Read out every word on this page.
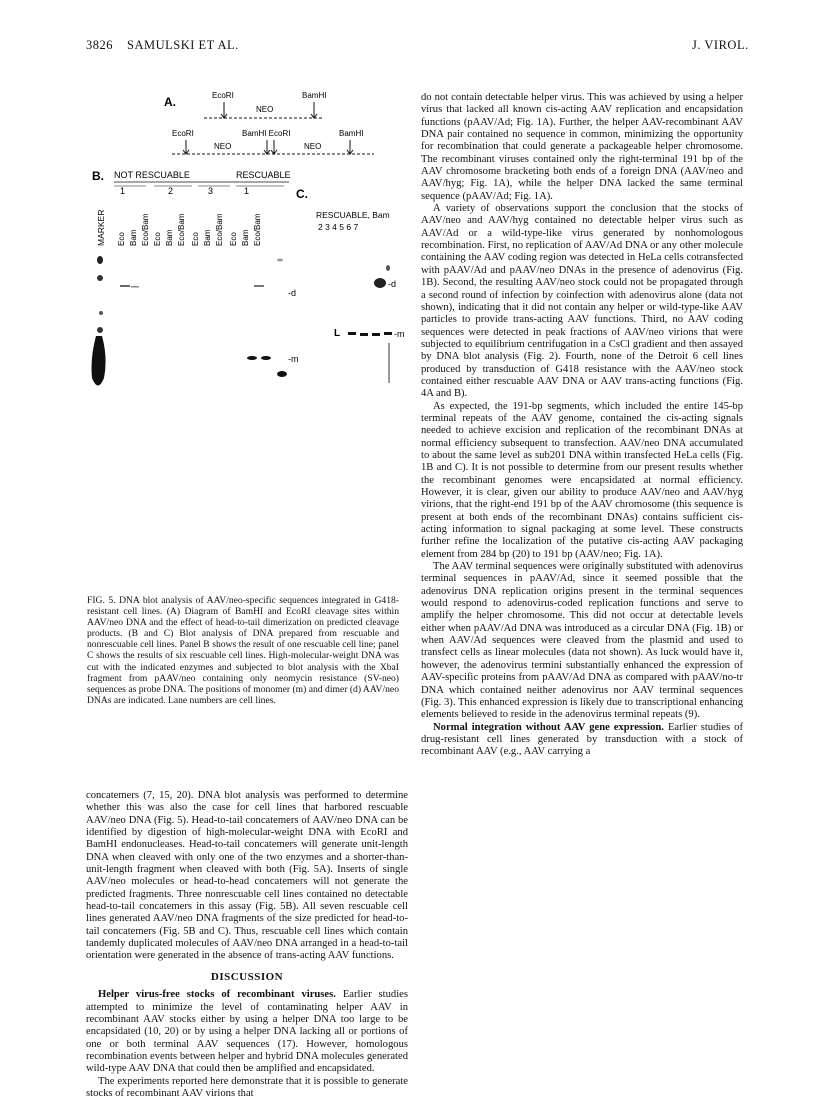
3826 SAMULSKI ET AL.	J. VIROL.
A.	EcoRI	BamHI
NEO
EcoRI	BamHI EcoRI	BamHI
NEO	NEO
B. NOT RESCUABLE	RESCUABLE
1	2	3	1
MARKER Eco Bam Eco/Bam Eco Bam Eco/Bam Eco Bam Eco/Bam Eco Bam Eco/Bam
-d
-m
C.
RESCUABLE, Bam
2 3 4 5 6 7
L
-d
-m
FIG. 5. DNA blot analysis of AAV/neo-specific sequences integrated in G418-resistant cell lines. (A) Diagram of BamHI and EcoRI cleavage sites within AAV/neo DNA and the effect of head-to-tail dimerization on predicted cleavage products. (B and C) Blot analysis of DNA prepared from rescuable and nonrescuable cell lines. Panel B shows the result of one rescuable cell line; panel C shows the results of six rescuable cell lines. High-molecular-weight DNA was cut with the indicated enzymes and subjected to blot analysis with the XbaI fragment from pAAV/neo containing only neomycin resistance (SV-neo) sequences as probe DNA. The positions of monomer (m) and dimer (d) AAV/neo DNAs are indicated. Lane numbers are cell lines.

concatemers (7, 15, 20). DNA blot analysis was performed to determine whether this was also the case for cell lines that harbored rescuable AAV/neo DNA (Fig. 5). Head-to-tail concatemers of AAV/neo DNA can be identified by digestion of high-molecular-weight DNA with EcoRI and BamHI endonucleases. Head-to-tail concatemers will generate unit-length DNA when cleaved with only one of the two enzymes and a shorter-than-unit-length fragment when cleaved with both (Fig. 5A). Inserts of single AAV/neo molecules or head-to-head concatemers will not generate the predicted fragments. Three nonrescuable cell lines contained no detectable head-to-tail concatemers in this assay (Fig. 5B). All seven rescuable cell lines generated AAV/neo DNA fragments of the size predicted for head-to-tail concatemers (Fig. 5B and C). Thus, rescuable cell lines which contain tandemly duplicated molecules of AAV/neo DNA arranged in a head-to-tail orientation were generated in the absence of trans-acting AAV functions.

DISCUSSION

Helper virus-free stocks of recombinant viruses. Earlier studies attempted to minimize the level of contaminating helper AAV in recombinant AAV stocks either by using a helper DNA too large to be encapsidated (10, 20) or by using a helper DNA lacking all or portions of one or both terminal AAV sequences (17). However, homologous recombination events between helper and hybrid DNA molecules generated wild-type AAV DNA that could then be amplified and encapsidated.

The experiments reported here demonstrate that it is possible to generate stocks of recombinant AAV virions that

do not contain detectable helper virus. This was achieved by using a helper virus that lacked all known cis-acting AAV replication and encapsidation functions (pAAV/Ad; Fig. 1A). Further, the helper AAV-recombinant AAV DNA pair contained no sequence in common, minimizing the opportunity for recombination that could generate a packageable helper chromosome. The recombinant viruses contained only the right-terminal 191 bp of the AAV chromosome bracketing both ends of a foreign DNA (AAV/neo and AAV/hyg; Fig. 1A), while the helper DNA lacked the same terminal sequence (pAAV/Ad; Fig. 1A).

A variety of observations support the conclusion that the stocks of AAV/neo and AAV/hyg contained no detectable helper virus such as AAV/Ad or a wild-type-like virus generated by nonhomologous recombination. First, no replication of AAV/Ad DNA or any other molecule containing the AAV coding region was detected in HeLa cells cotransfected with pAAV/Ad and pAAV/neo DNAs in the presence of adenovirus (Fig. 1B). Second, the resulting AAV/neo stock could not be propagated through a second round of infection by coinfection with adenovirus alone (data not shown), indicating that it did not contain any helper or wild-type-like AAV particles to provide trans-acting AAV functions. Third, no AAV coding sequences were detected in peak fractions of AAV/neo virions that were subjected to equilibrium centrifugation in a CsCl gradient and then assayed by DNA blot analysis (Fig. 2). Fourth, none of the Detroit 6 cell lines produced by transduction of G418 resistance with the AAV/neo stock contained either rescuable AAV DNA or AAV trans-acting functions (Fig. 4A and B).

As expected, the 191-bp segments, which included the entire 145-bp terminal repeats of the AAV genome, contained the cis-acting signals needed to achieve excision and replication of the recombinant DNAs at normal efficiency subsequent to transfection. AAV/neo DNA accumulated to about the same level as sub201 DNA within transfected HeLa cells (Fig. 1B and C). It is not possible to determine from our present results whether the recombinant genomes were encapsidated at normal efficiency. However, it is clear, given our ability to produce AAV/neo and AAV/hyg virions, that the right-end 191 bp of the AAV chromosome (this sequence is present at both ends of the recombinant DNAs) contains sufficient cis-acting information to signal packaging at some level. These constructs further refine the localization of the putative cis-acting AAV packaging element from 284 bp (20) to 191 bp (AAV/neo; Fig. 1A).

The AAV terminal sequences were originally substituted with adenovirus terminal sequences in pAAV/Ad, since it seemed possible that the adenovirus DNA replication origins present in the terminal sequences would respond to adenovirus-coded replication functions and serve to amplify the helper chromosome. This did not occur at detectable levels either when pAAV/Ad DNA was introduced as a circular DNA (Fig. 1B) or when AAV/Ad sequences were cleaved from the plasmid and used to transfect cells as linear molecules (data not shown). As luck would have it, however, the adenovirus termini substantially enhanced the expression of AAV-specific proteins from pAAV/Ad DNA as compared with pAAV/no-tr DNA which contained neither adenovirus nor AAV terminal sequences (Fig. 3). This enhanced expression is likely due to transcriptional enhancing elements believed to reside in the adenovirus terminal repeats (9).

Normal integration without AAV gene expression. Earlier studies of drug-resistant cell lines generated by transduction with a stock of recombinant AAV (e.g., AAV carrying a
